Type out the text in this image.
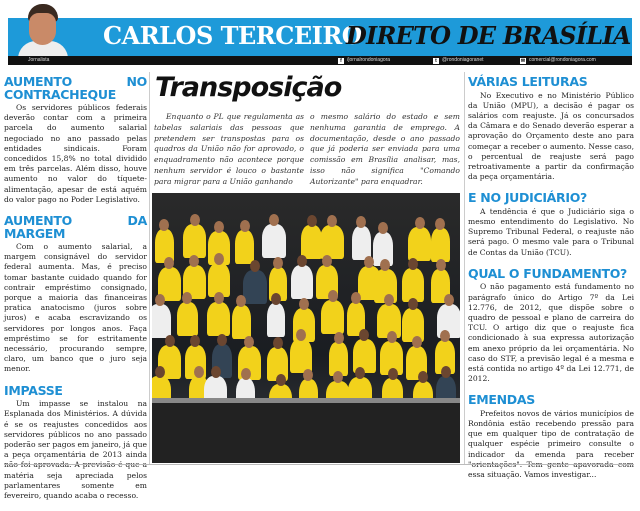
CARLOS TERCEIRO
DIRETO DE BRASÍLIA
Jornalista	f	/jornalrondoniagora	t	@rondoniagoranet	✉ comercial@rondoniagora.com
AUMENTO NO CONTRACHEQUE

Os servidores públicos federais deverão contar com a primeira parcela do aumento salarial negociado no ano passado pelas entidades sindicais. Foram concedidos 15,8% no total dividido em três parcelas. Além disso, houve aumento no valor do tíquete-alimentação, apesar de está aquém do valor pago no Poder Legislativo.

AUMENTO DA MARGEM

Com o aumento salarial, a margem consignável do servidor federal aumenta. Mas, é preciso tomar bastante cuidado quando for contrair empréstimo consignado, porque a maioria das financeiras pratica anatocismo (juros sobre juros) e acaba escravizando os servidores por longos anos. Faça empréstimo se for estritamente necessário, procurando sempre, claro, um banco que o juro seja menor.

IMPASSE

Um impasse se instalou na Esplanada dos Ministérios. A dúvida é se os reajustes concedidos aos servidores públicos no ano passado poderão ser pagos em janeiro, já que a peça orçamentária de 2013 ainda matéria seja apreciada pelos parlamentares somente em fevereiro, quando acaba o recesso.

Transposição
Enquanto o PL que regulamenta as tabelas salariais das pessoas que pretendem ser transpostas para os quadros da União não for aprovado, o enquadramento não acontece porque nenhum servidor é louco o bastante para migrar para a União ganhando
o mesmo salário do estado e sem nenhuma garantia de emprego. A documentação, desde o ano passado que já poderia ser enviada para uma comissão em Brasília analisar, mas, isso não significa "Comando Autorizante" para enquadrar.
VÁRIAS LEITURAS

No Executivo e no Ministério Público da União (MPU), a decisão é pagar os salários com reajuste. Já os concursados da Câmara e do Senado deverão esperar a aprovação do Orçamento deste ano para começar a receber o aumento. Nesse caso, o percentual de reajuste será pago retroativamente a partir da confirmação da peça orçamentária.

E NO JUDICIÁRIO?

A tendência é que o Judiciário siga o mesmo entendimento do Legislativo. No Supremo Tribunal Federal, o reajuste não será pago. O mesmo vale para o Tribunal de Contas da União (TCU).

QUAL O FUNDAMENTO?

O não pagamento está fundamento no parágrafo único do Artigo 7º da Lei 12.776, de 2012, que dispõe sobre o quadro de pessoal e plano de carreira do TCU. O artigo diz que o reajuste fica condicionado à sua expressa autorização em anexo próprio da lei orçamentária. No caso do STF, a previsão legal é a mesma e está contida no artigo 4º da Lei 12.771, de 2012.

EMENDAS

Prefeitos novos de vários municípios de Rondônia estão recebendo pressão para que em qualquer tipo de contratação de qualquer espécie primeiro consulte o indicador da emenda para receber essa situação. Vamos investigar...
